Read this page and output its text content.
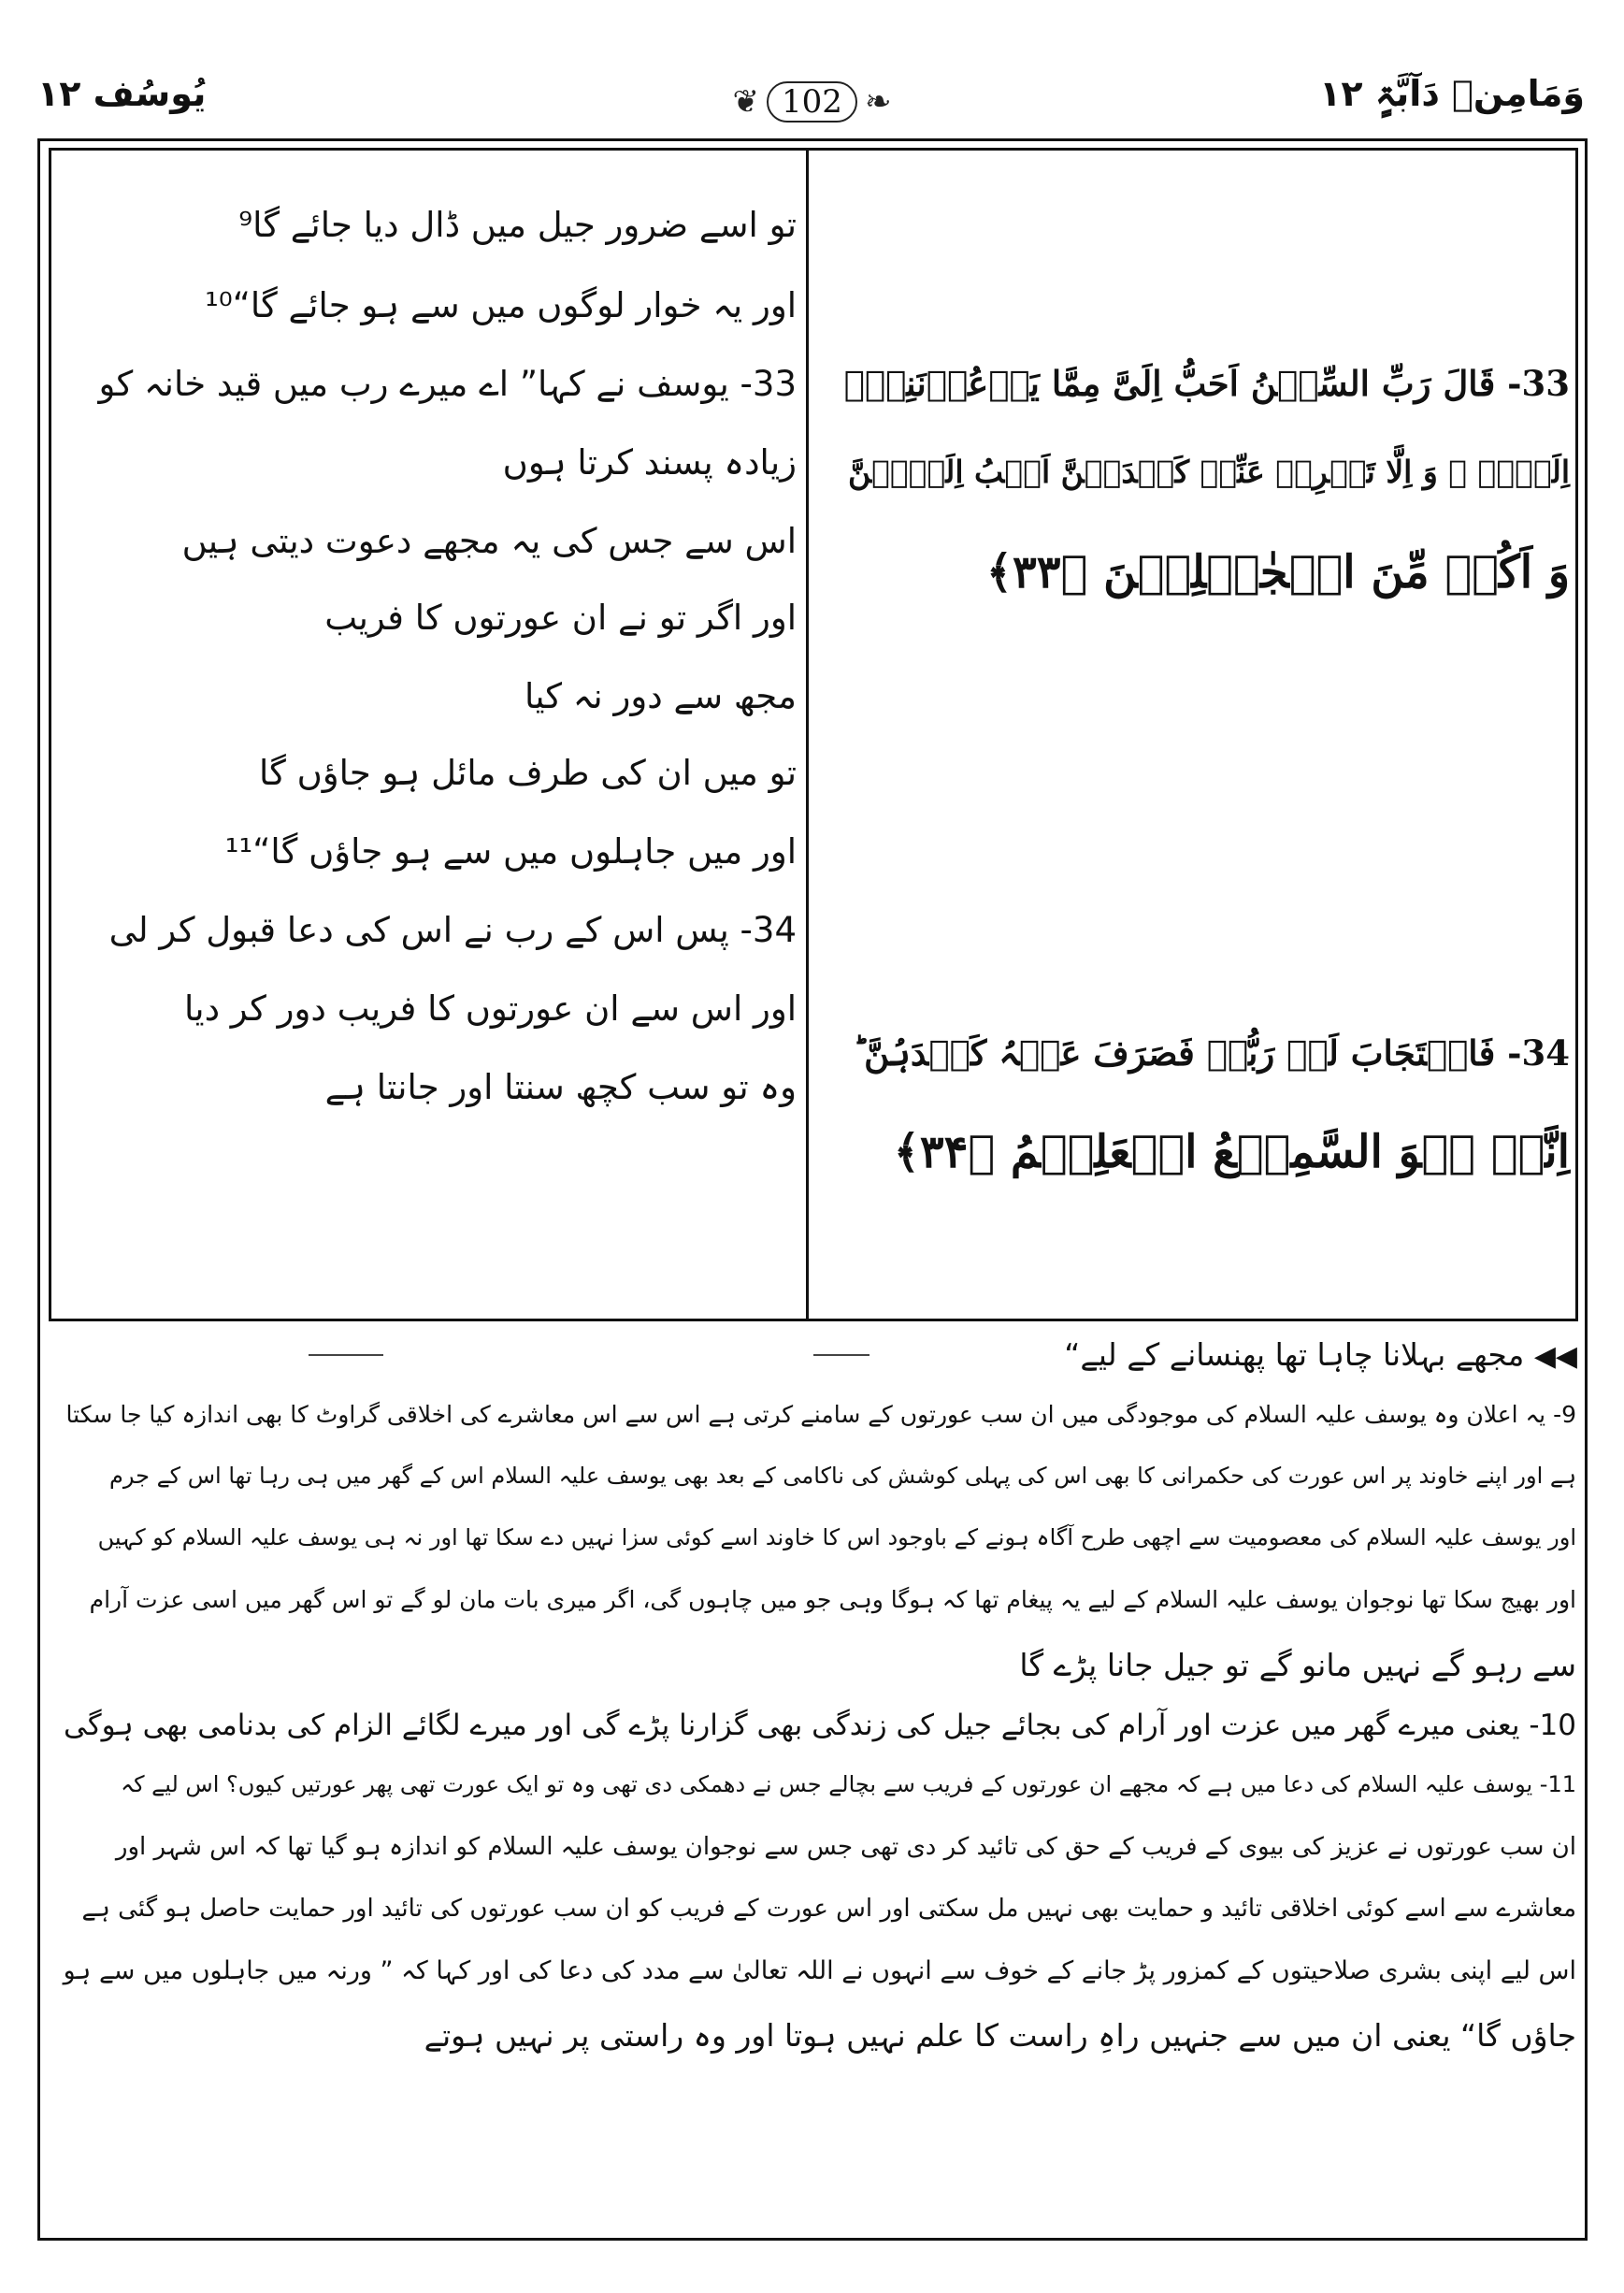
یُوسُف ۱۲	❦ 102 ❧	وَمَامِنۡ دَآبَّۃٍ ۱۲
تو اسے ضرور جیل میں ڈال دیا جائے گا⁹
اور یہ خوار لوگوں میں سے ہو جائے گا“¹⁰
33- یوسف نے کہا” اے میرے رب میں قید خانہ کو
زیادہ پسند کرتا ہوں
اس سے جس کی یہ مجھے دعوت دیتی ہیں
اور اگر تو نے ان عورتوں کا فریب
مجھ سے دور نہ کیا
تو میں ان کی طرف مائل ہو جاؤں گا
اور میں جاہلوں میں سے ہو جاؤں گا“¹¹
34- پس اس کے رب نے اس کی دعا قبول کر لی
اور اس سے ان عورتوں کا فریب دور کر دیا
وہ تو سب کچھ سنتا اور جانتا ہے
33- قَالَ رَبِّ السِّجۡنُ اَحَبُّ اِلَیَّ مِمَّا یَدۡعُوۡنَنِیۡۤ
اِلَیۡہِ ۚ وَ اِلَّا تَصۡرِفۡ عَنِّیۡ کَیۡدَہُنَّ اَصۡبُ اِلَیۡہِنَّ
وَ اَکُنۡ مِّنَ الۡجٰہِلِیۡنَ ﴿۳۳﴾
34- فَاسۡتَجَابَ لَہٗ رَبُّہٗ فَصَرَفَ عَنۡہُ کَیۡدَہُنَّ ؕ
اِنَّہٗ ہُوَ السَّمِیۡعُ الۡعَلِیۡمُ ﴿۳۴﴾
◀◀ مجھے بہلانا چاہا تھا پھنسانے کے لیے“
9- یہ اعلان وہ یوسف علیہ السلام کی موجودگی میں ان سب عورتوں کے سامنے کرتی ہے اس سے اس معاشرے کی اخلاقی گراوٹ کا بھی اندازہ کیا جا سکتا
ہے اور اپنے خاوند پر اس عورت کی حکمرانی کا بھی اس کی پہلی کوشش کی ناکامی کے بعد بھی یوسف علیہ السلام اس کے گھر میں ہی رہا تھا اس کے جرم
اور یوسف علیہ السلام کی معصومیت سے اچھی طرح آگاہ ہونے کے باوجود اس کا خاوند اسے کوئی سزا نہیں دے سکا تھا اور نہ ہی یوسف علیہ السلام کو کہیں
اور بھیج سکا تھا نوجوان یوسف علیہ السلام کے لیے یہ پیغام تھا کہ ہوگا وہی جو میں چاہوں گی، اگر میری بات مان لو گے تو اس گھر میں اسی عزت آرام
سے رہو گے نہیں مانو گے تو جیل جانا پڑے گا
10- یعنی میرے گھر میں عزت اور آرام کی بجائے جیل کی زندگی بھی گزارنا پڑے گی اور میرے لگائے الزام کی بدنامی بھی ہوگی
11- یوسف علیہ السلام کی دعا میں ہے کہ مجھے ان عورتوں کے فریب سے بچالے جس نے دھمکی دی تھی وہ تو ایک عورت تھی پھر عورتیں کیوں؟ اس لیے کہ
ان سب عورتوں نے عزیز کی بیوی کے فریب کے حق کی تائید کر دی تھی جس سے نوجوان یوسف علیہ السلام کو اندازہ ہو گیا تھا کہ اس شہر اور
معاشرے سے اسے کوئی اخلاقی تائید و حمایت بھی نہیں مل سکتی اور اس عورت کے فریب کو ان سب عورتوں کی تائید اور حمایت حاصل ہو گئی ہے
اس لیے اپنی بشری صلاحیتوں کے کمزور پڑ جانے کے خوف سے انہوں نے اللہ تعالیٰ سے مدد کی دعا کی اور کہا کہ ” ورنہ میں جاہلوں میں سے ہو
جاؤں گا“ یعنی ان میں سے جنہیں راہِ راست کا علم نہیں ہوتا اور وہ راستی پر نہیں ہوتے
